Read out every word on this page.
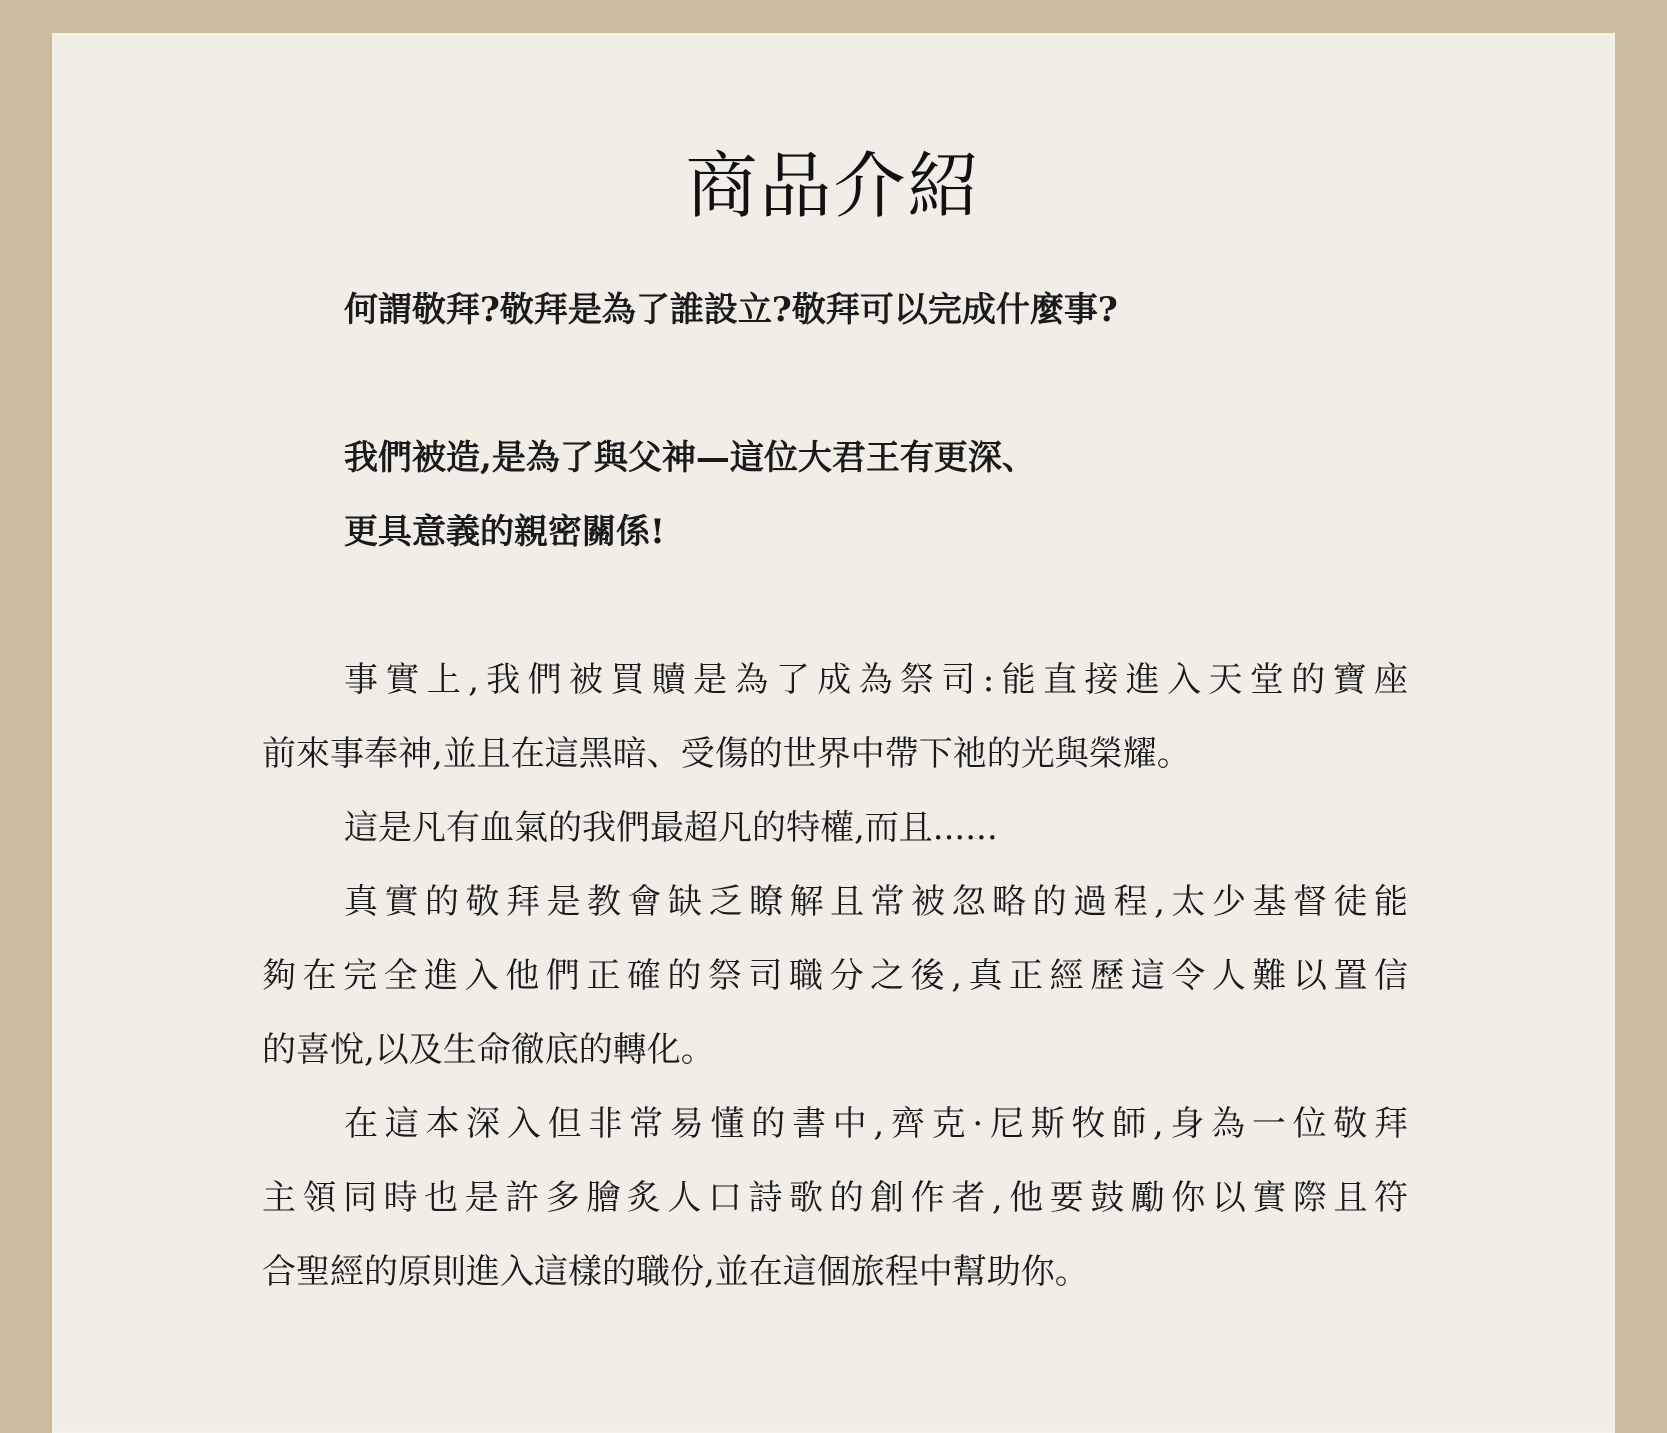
商品介紹
何謂敬拜?敬拜是為了誰設立?敬拜可以完成什麼事?
我們被造,是為了與父神—這位大君王有更深、
更具意義的親密關係!
事實上,我們被買贖是為了成為祭司:能直接進入天堂的寶座
前來事奉神,並且在這黑暗、受傷的世界中帶下祂的光與榮耀。
這是凡有血氣的我們最超凡的特權,而且......
真實的敬拜是教會缺乏瞭解且常被忽略的過程,太少基督徒能
夠在完全進入他們正確的祭司職分之後,真正經歷這令人難以置信
的喜悅,以及生命徹底的轉化。
在這本深入但非常易懂的書中,齊克·尼斯牧師,身為一位敬拜
主領同時也是許多膾炙人口詩歌的創作者,他要鼓勵你以實際且符
合聖經的原則進入這樣的職份,並在這個旅程中幫助你。
